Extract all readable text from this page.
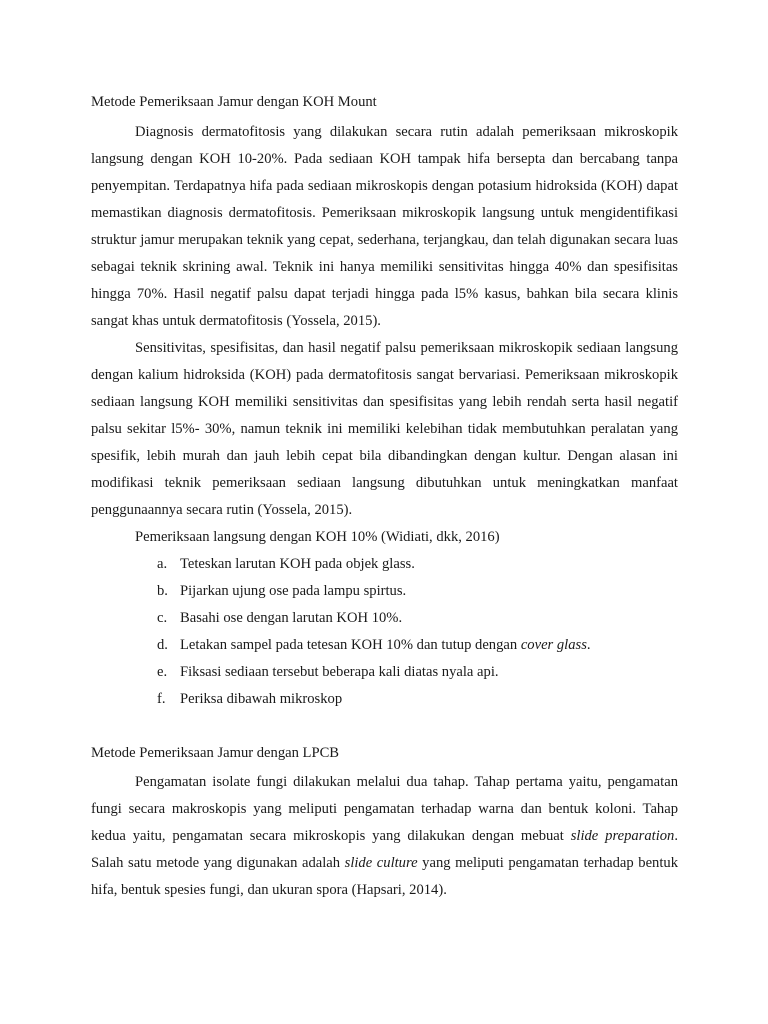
Metode Pemeriksaan Jamur dengan KOH Mount

Diagnosis dermatofitosis yang dilakukan secara rutin adalah pemeriksaan mikroskopik langsung dengan KOH 10-20%. Pada sediaan KOH tampak hifa bersepta dan bercabang tanpa penyempitan. Terdapatnya hifa pada sediaan mikroskopis dengan potasium hidroksida (KOH) dapat memastikan diagnosis dermatofitosis. Pemeriksaan mikroskopik langsung untuk mengidentifikasi struktur jamur merupakan teknik yang cepat, sederhana, terjangkau, dan telah digunakan secara luas sebagai teknik skrining awal. Teknik ini hanya memiliki sensitivitas hingga 40% dan spesifisitas hingga 70%. Hasil negatif palsu dapat terjadi hingga pada l5% kasus, bahkan bila secara klinis sangat khas untuk dermatofitosis (Yossela, 2015).

Sensitivitas, spesifisitas, dan hasil negatif palsu pemeriksaan mikroskopik sediaan langsung dengan kalium hidroksida (KOH) pada dermatofitosis sangat bervariasi. Pemeriksaan mikroskopik sediaan langsung KOH memiliki sensitivitas dan spesifisitas yang lebih rendah serta hasil negatif palsu sekitar l5%- 30%, namun teknik ini memiliki kelebihan tidak membutuhkan peralatan yang spesifik, lebih murah dan jauh lebih cepat bila dibandingkan dengan kultur. Dengan alasan ini modifikasi teknik pemeriksaan sediaan langsung dibutuhkan untuk meningkatkan manfaat penggunaannya secara rutin (Yossela, 2015).

Pemeriksaan langsung dengan KOH 10% (Widiati, dkk, 2016)

a. Teteskan larutan KOH pada objek glass.
b. Pijarkan ujung ose pada lampu spirtus.
c. Basahi ose dengan larutan KOH 10%.
d. Letakan sampel pada tetesan KOH 10% dan tutup dengan cover glass.
e. Fiksasi sediaan tersebut beberapa kali diatas nyala api.
f. Periksa dibawah mikroskop

Metode Pemeriksaan Jamur dengan LPCB

Pengamatan isolate fungi dilakukan melalui dua tahap. Tahap pertama yaitu, pengamatan fungi secara makroskopis yang meliputi pengamatan terhadap warna dan bentuk koloni. Tahap kedua yaitu, pengamatan secara mikroskopis yang dilakukan dengan mebuat slide preparation. Salah satu metode yang digunakan adalah slide culture yang meliputi pengamatan terhadap bentuk hifa, bentuk spesies fungi, dan ukuran spora (Hapsari, 2014).
